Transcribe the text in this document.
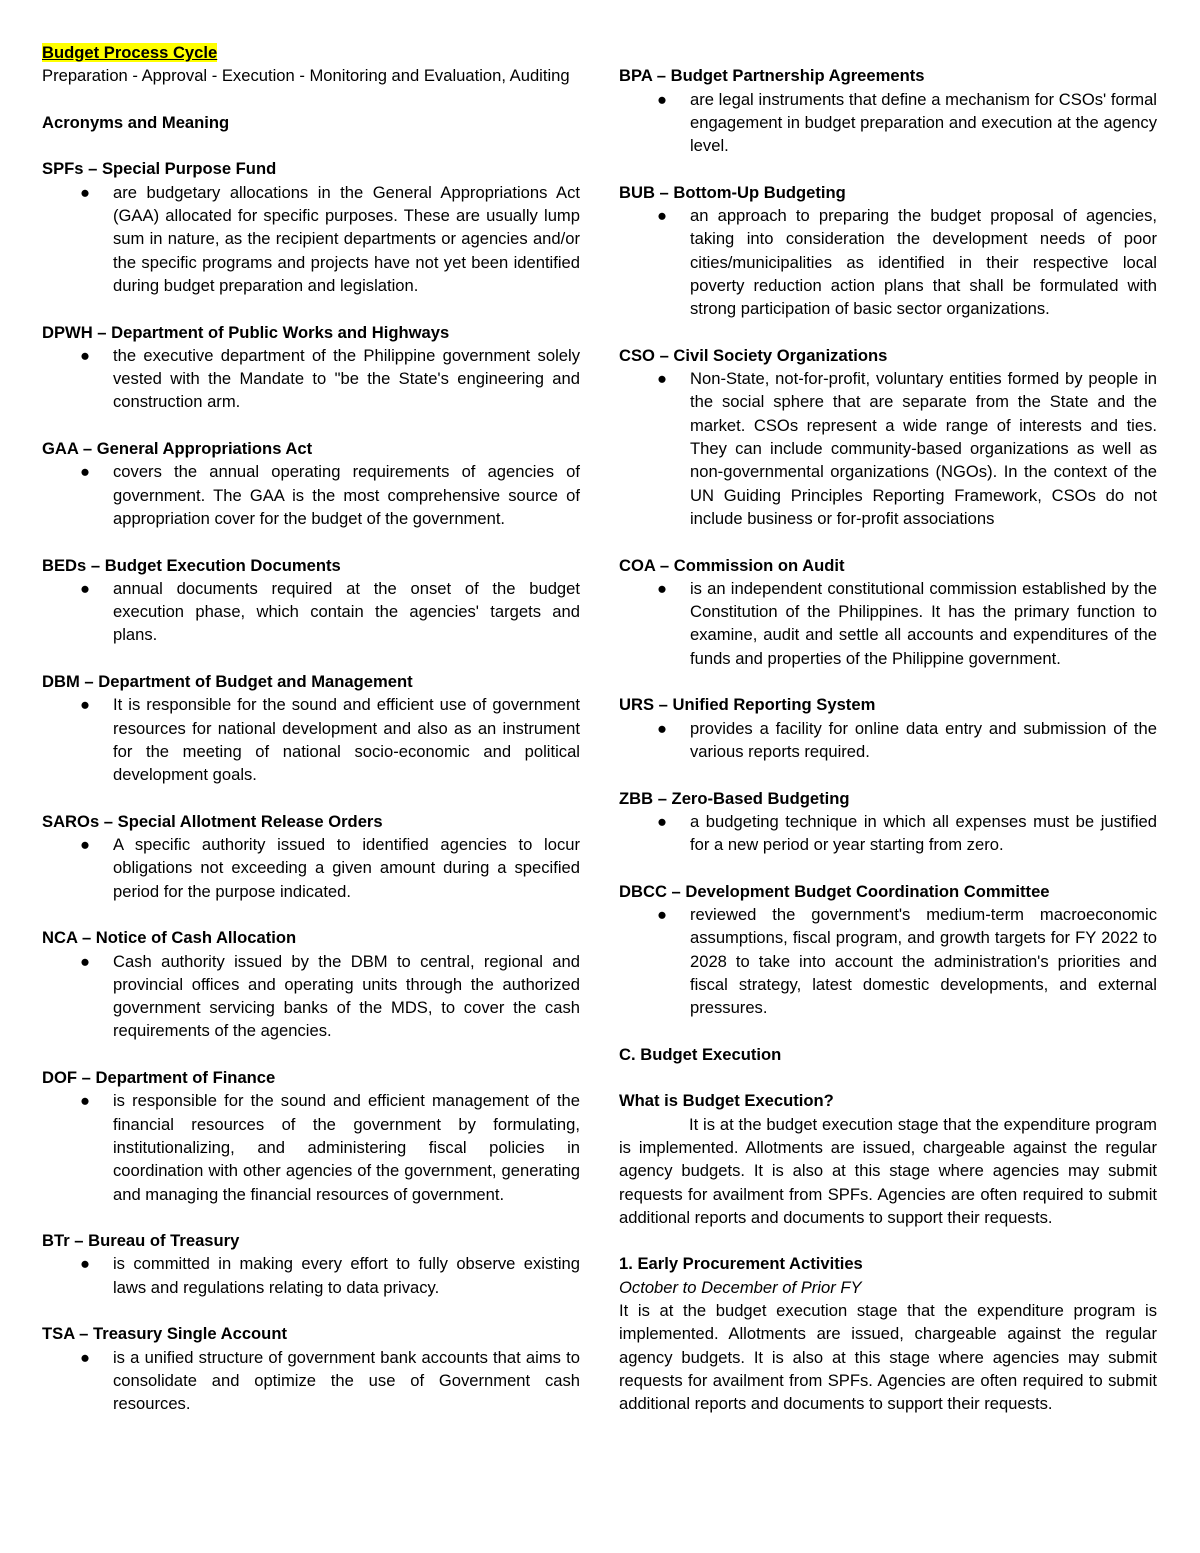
Budget Process Cycle
Preparation - Approval - Execution - Monitoring and Evaluation, Auditing
Acronyms and Meaning
SPFs – Special Purpose Fund
● are budgetary allocations in the General Appropriations Act (GAA) allocated for specific purposes. These are usually lump sum in nature, as the recipient departments or agencies and/or the specific programs and projects have not yet been identified during budget preparation and legislation.
DPWH – Department of Public Works and Highways
● the executive department of the Philippine government solely vested with the Mandate to "be the State's engineering and construction arm.
GAA – General Appropriations Act
● covers the annual operating requirements of agencies of government. The GAA is the most comprehensive source of appropriation cover for the budget of the government.
BEDs – Budget Execution Documents
● annual documents required at the onset of the budget execution phase, which contain the agencies' targets and plans.
DBM – Department of Budget and Management
● It is responsible for the sound and efficient use of government resources for national development and also as an instrument for the meeting of national socio-economic and political development goals.
SAROs – Special Allotment Release Orders
● A specific authority issued to identified agencies to locur obligations not exceeding a given amount during a specified period for the purpose indicated.
NCA – Notice of Cash Allocation
● Cash authority issued by the DBM to central, regional and provincial offices and operating units through the authorized government servicing banks of the MDS, to cover the cash requirements of the agencies.
DOF – Department of Finance
● is responsible for the sound and efficient management of the financial resources of the government by formulating, institutionalizing, and administering fiscal policies in coordination with other agencies of the government, generating and managing the financial resources of government.
BTr – Bureau of Treasury
● is committed in making every effort to fully observe existing laws and regulations relating to data privacy.
TSA – Treasury Single Account
● is a unified structure of government bank accounts that aims to consolidate and optimize the use of Government cash resources.
BPA – Budget Partnership Agreements
● are legal instruments that define a mechanism for CSOs' formal engagement in budget preparation and execution at the agency level.
BUB – Bottom-Up Budgeting
● an approach to preparing the budget proposal of agencies, taking into consideration the development needs of poor cities/municipalities as identified in their respective local poverty reduction action plans that shall be formulated with strong participation of basic sector organizations.
CSO – Civil Society Organizations
● Non-State, not-for-profit, voluntary entities formed by people in the social sphere that are separate from the State and the market. CSOs represent a wide range of interests and ties. They can include community-based organizations as well as non-governmental organizations (NGOs). In the context of the UN Guiding Principles Reporting Framework, CSOs do not include business or for-profit associations
COA – Commission on Audit
● is an independent constitutional commission established by the Constitution of the Philippines. It has the primary function to examine, audit and settle all accounts and expenditures of the funds and properties of the Philippine government.
URS – Unified Reporting System
● provides a facility for online data entry and submission of the various reports required.
ZBB – Zero-Based Budgeting
● a budgeting technique in which all expenses must be justified for a new period or year starting from zero.
DBCC – Development Budget Coordination Committee
● reviewed the government's medium-term macroeconomic assumptions, fiscal program, and growth targets for FY 2022 to 2028 to take into account the administration's priorities and fiscal strategy, latest domestic developments, and external pressures.
C. Budget Execution
What is Budget Execution?
It is at the budget execution stage that the expenditure program is implemented. Allotments are issued, chargeable against the regular agency budgets. It is also at this stage where agencies may submit requests for availment from SPFs. Agencies are often required to submit additional reports and documents to support their requests.
1. Early Procurement Activities
October to December of Prior FY
It is at the budget execution stage that the expenditure program is implemented. Allotments are issued, chargeable against the regular agency budgets. It is also at this stage where agencies may submit requests for availment from SPFs. Agencies are often required to submit additional reports and documents to support their requests.
